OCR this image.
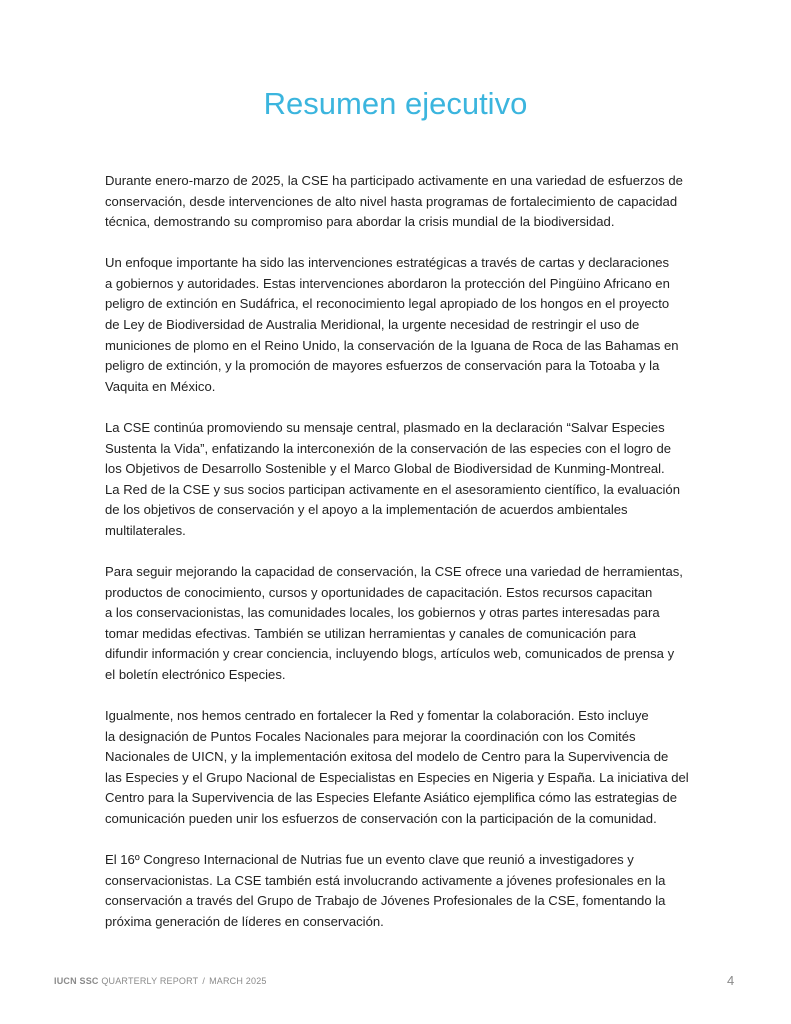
Resumen ejecutivo

Durante enero-marzo de 2025, la CSE ha participado activamente en una variedad de esfuerzos de
conservación, desde intervenciones de alto nivel hasta programas de fortalecimiento de capacidad
técnica, demostrando su compromiso para abordar la crisis mundial de la biodiversidad.

Un enfoque importante ha sido las intervenciones estratégicas a través de cartas y declaraciones
a gobiernos y autoridades. Estas intervenciones abordaron la protección del Pingüino Africano en
peligro de extinción en Sudáfrica, el reconocimiento legal apropiado de los hongos en el proyecto
de Ley de Biodiversidad de Australia Meridional, la urgente necesidad de restringir el uso de
municiones de plomo en el Reino Unido, la conservación de la Iguana de Roca de las Bahamas en
peligro de extinción, y la promoción de mayores esfuerzos de conservación para la Totoaba y la
Vaquita en México.

La CSE continúa promoviendo su mensaje central, plasmado en la declaración “Salvar Especies
Sustenta la Vida”, enfatizando la interconexión de la conservación de las especies con el logro de
los Objetivos de Desarrollo Sostenible y el Marco Global de Biodiversidad de Kunming-Montreal.
La Red de la CSE y sus socios participan activamente en el asesoramiento científico, la evaluación
de los objetivos de conservación y el apoyo a la implementación de acuerdos ambientales
multilaterales.

Para seguir mejorando la capacidad de conservación, la CSE ofrece una variedad de herramientas,
productos de conocimiento, cursos y oportunidades de capacitación. Estos recursos capacitan
a los conservacionistas, las comunidades locales, los gobiernos y otras partes interesadas para
tomar medidas efectivas. También se utilizan herramientas y canales de comunicación para
difundir información y crear conciencia, incluyendo blogs, artículos web, comunicados de prensa y
el boletín electrónico Especies.

Igualmente, nos hemos centrado en fortalecer la Red y fomentar la colaboración. Esto incluye
la designación de Puntos Focales Nacionales para mejorar la coordinación con los Comités
Nacionales de UICN, y la implementación exitosa del modelo de Centro para la Supervivencia de
las Especies y el Grupo Nacional de Especialistas en Especies en Nigeria y España. La iniciativa del
Centro para la Supervivencia de las Especies Elefante Asiático ejemplifica cómo las estrategias de
comunicación pueden unir los esfuerzos de conservación con la participación de la comunidad.

El 16º Congreso Internacional de Nutrias fue un evento clave que reunió a investigadores y
conservacionistas. La CSE también está involucrando activamente a jóvenes profesionales en la
conservación a través del Grupo de Trabajo de Jóvenes Profesionales de la CSE, fomentando la
próxima generación de líderes en conservación.

IUCN SSC QUARTERLY REPORT / MARCH 2025	4
